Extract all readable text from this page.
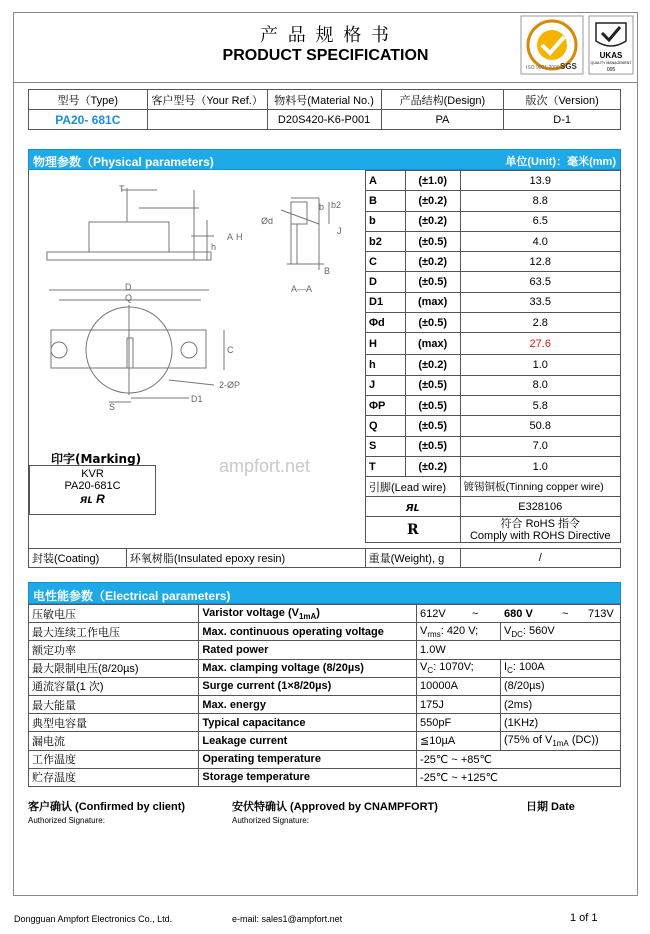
产 品 规 格 书
PRODUCT SPECIFICATION
SGS
ISO 9001:2000
UKAS
QUALITY MANAGEMENT
005
型号（Type)	客户型号（Your Ref.）	物料号(Material No.)	产品结构(Design)	版次（Version)
PA20- 681C		D20S420-K6-P001	PA	D-1
物理参数（Physical parameters)	单位(Unit)：毫米(mm)
T
Ød
b b2
A H
h
J
B
A—A
D
Q
C
2-ØP
S
D1
ampfort.net
印字(Marking)
KVR
PA20-681C
ᴙʟ R
A	(±1.0)	13.9
B	(±0.2)	8.8
b	(±0.2)	6.5
b2	(±0.5)	4.0
C	(±0.2)	12.8
D	(±0.5)	63.5
D1	(max)	33.5
Φd	(±0.5)	2.8
H	(max)	27.6
h	(±0.2)	1.0
J	(±0.5)	8.0
ΦP	(±0.5)	5.8
Q	(±0.5)	50.8
S	(±0.5)	7.0
T	(±0.2)	1.0
引脚(Lead wire)		镀锡铜板(Tinning copper wire)
ᴙʟ		E328106
R		符合 RoHS 指令
Comply with ROHS Directive
封装(Coating)	环氧树脂(Insulated epoxy resin)	重量(Weight), g	/
电性能参数（Electrical parameters)
压敏电压	Varistor voltage $(V_{1mA})$	612V ~ 680 V ~ 713V	
最大连续工作电压	Max. continuous operating voltage	$V_{rms}$: 420 V;	$V_{DC}$: 560V
额定功率	Rated power	1.0W	
最大限制电压(8/20µs)	Max. clamping voltage (8/20µs)	$V_C$: 1070V;	$I_C$: 100A
通流容量(1 次)	Surge current (1×8/20µs)	10000A	(8/20µs)
最大能量	Max. energy	175J	(2ms)
典型电容量	Typical capacitance	550pF	(1KHz)
漏电流	Leakage current	≦10µA	(75% of $V_{1mA}$ (DC))
工作温度	Operating temperature	-25℃ ~ +85℃	
贮存温度	Storage temperature	-25℃ ~ +125℃	
客户确认 (Confirmed by client)	安伏特确认 (Approved by CNAMPFORT)	日期 Date
Authorized Signature:	Authorized Signature:
Dongguan Ampfort Electronics Co., Ltd.	e-mail: sales1@ampfort.net	1 of 1
